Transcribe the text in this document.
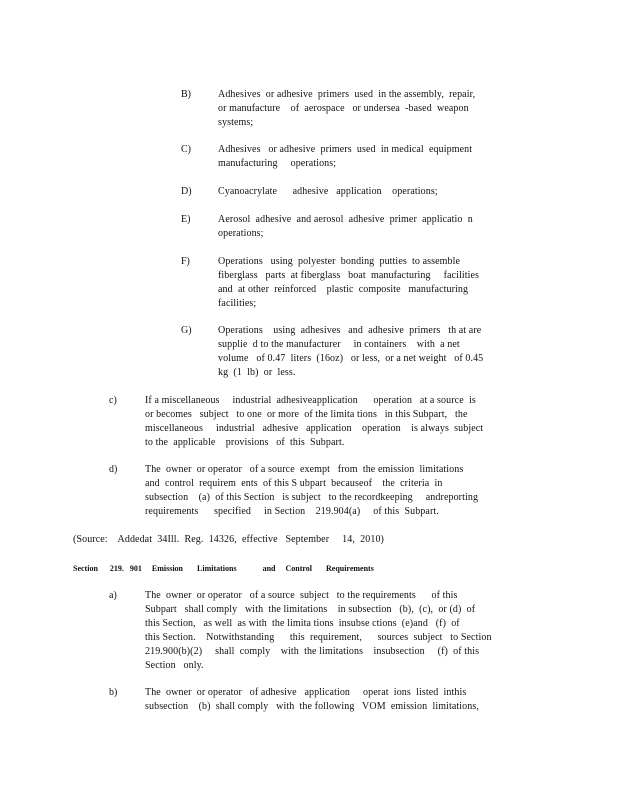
B)	Adhesives  or adhesive  primers  used  in the assembly,  repair,
or manufacture    of  aerospace   or undersea  -based  weapon
systems;
C)	Adhesives   or adhesive  primers  used  in medical  equipment
manufacturing     operations;
D)	Cyanoacrylate      adhesive   application    operations;
E)	Aerosol  adhesive  and aerosol  adhesive  primer  applicatio  n
operations;
F)	Operations   using  polyester  bonding  putties  to assemble
fiberglass   parts  at fiberglass   boat  manufacturing     facilities
and  at other  reinforced    plastic  composite   manufacturing
facilities;
G)	Operations    using  adhesives   and  adhesive  primers   th at are
supplie  d to the manufacturer     in containers    with  a net
volume   of 0.47  liters  (16oz)   or less,  or a net weight   of 0.45
kg  (1  lb)  or  less.
c)	If a miscellaneous     industrial  adhesiveapplication      operation   at a source  is
or becomes   subject   to one  or more  of the limita tions   in this Subpart,   the
miscellaneous     industrial   adhesive   application    operation    is always  subject
to the  applicable    provisions   of  this  Subpart.
d)	The  owner  or operator   of a source  exempt   from  the emission  limitations
and  control  requirem  ents  of this S ubpart  becauseof    the  criteria  in
subsection    (a)  of this Section   is subject   to the recordkeeping     andreporting
requirements      specified     in Section    219.904(a)     of this  Subpart.
(Source:    Addedat  34Ill.  Reg.  14326,  effective   September     14,  2010)
Section      219.   901     Emission       Limitations             and     Control       Requirements
a)	The  owner  or operator   of a source  subject   to the requirements      of this
Subpart   shall comply   with  the limitations    in subsection   (b),  (c),  or (d)  of
this Section,   as well  as with  the limita tions  insubse ctions  (e)and   (f)  of
this Section.    Notwithstanding      this  requirement,      sources  subject   to Section
219.900(b)(2)     shall  comply    with  the limitations    insubsection     (f)  of this
Section   only.
b)	The  owner  or operator   of adhesive   application     operat  ions  listed  inthis
subsection    (b)  shall comply   with  the following   VOM  emission  limitations,
